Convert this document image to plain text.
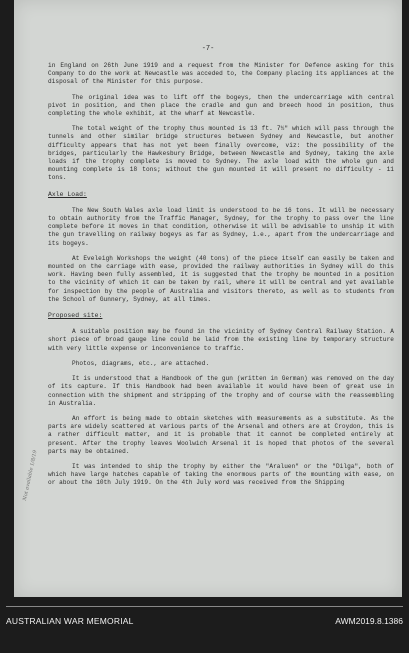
-7-
Not available 1/8/19

in England on 26th June 1919 and a request from the Minister for Defence asking for this Company to do the work at Newcastle was acceded to, the Company placing its appliances at the disposal of the Minister for this purpose.

The original idea was to lift off the bogeys, then the undercarriage with central pivot in position, and then place the cradle and gun and breech hood in position, thus completing the whole exhibit, at the wharf at Newcastle.

The total weight of the trophy thus mounted is 13 ft. 7½" which will pass through the tunnels and other similar bridge structures between Sydney and Newcastle, but another difficulty appears that has not yet been finally overcome, viz: the possibility of the bridges, particularly the Hawkesbury Bridge, between Newcastle and Sydney, taking the axle loads if the trophy complete is moved to Sydney. The axle load with the whole gun and mounting complete is 18 tons; without the gun mounted it will present no difficulty - 11 tons.

Axle Load:

The New South Wales axle load limit is understood to be 16 tons. It will be necessary to obtain authority from the Traffic Manager, Sydney, for the trophy to pass over the line complete before it moves in that condition, otherwise it will be advisable to unship it with the gun travelling on railway bogeys as far as Sydney, i.e., apart from the undercarriage and its bogeys.

At Eveleigh Workshops the weight (40 tons) of the piece itself can easily be taken and mounted on the carriage with ease, provided the railway authorities in Sydney will do this work. Having been fully assembled, it is suggested that the trophy be mounted in a position to the vicinity of which it can be taken by rail, where it will be central and yet available for inspection by the people of Australia and visitors thereto, as well as to students from the School of Gunnery, Sydney, at all times.

Proposed site:

A suitable position may be found in the vicinity of Sydney Central Railway Station. A short piece of broad gauge line could be laid from the existing line by temporary structure with very little expense or inconvenience to traffic.

Photos, diagrams, etc., are attached.

It is understood that a Handbook of the gun (written in German) was removed on the day of its capture. If this Handbook had been available it would have been of great use in connection with the shipment and stripping of the trophy and of course with the reassembling in Australia.

An effort is being made to obtain sketches with measurements as a substitute. As the parts are widely scattered at various parts of the Arsenal and others are at Croydon, this is a rather difficult matter, and it is probable that it cannot be completed entirely at present. After the trophy leaves Woolwich Arsenal it is hoped that photos of the several parts may be obtained.

It was intended to ship the trophy by either the "Araluen" or the "Dilga", both of which have large hatches capable of taking the enormous parts of the mounting with ease, on or about the 10th July 1919. On the 4th July word was received from the Shipping

AUSTRALIAN WAR MEMORIAL	AWM2019.8.1386
